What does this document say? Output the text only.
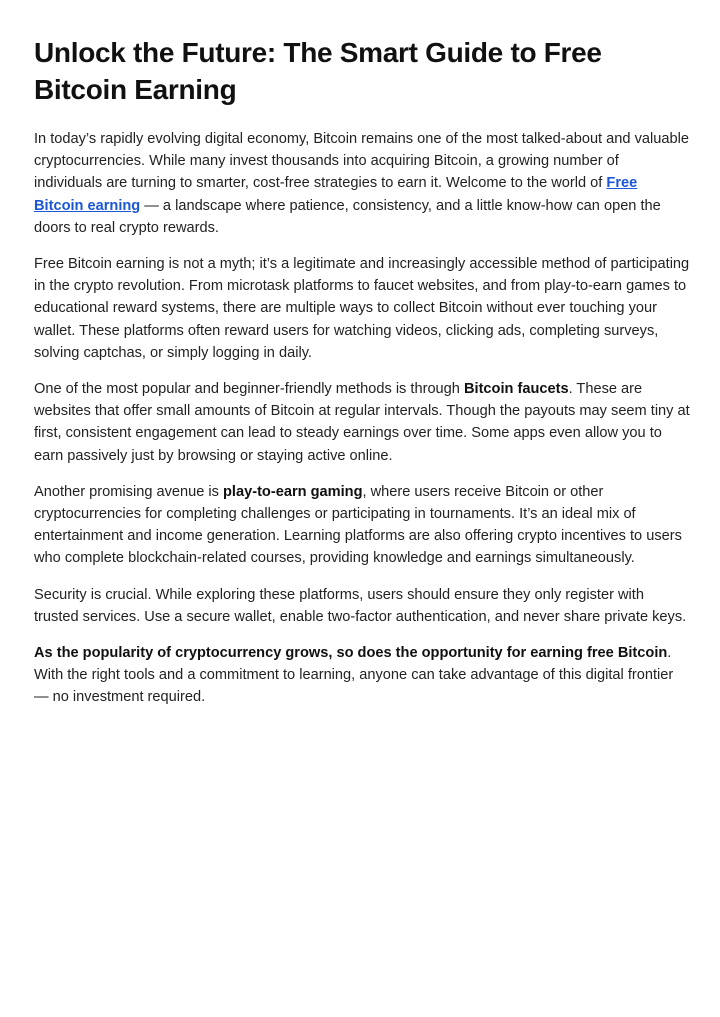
Unlock the Future: The Smart Guide to Free Bitcoin Earning

In today’s rapidly evolving digital economy, Bitcoin remains one of the most talked-about and valuable cryptocurrencies. While many invest thousands into acquiring Bitcoin, a growing number of individuals are turning to smarter, cost-free strategies to earn it. Welcome to the world of Free Bitcoin earning — a landscape where patience, consistency, and a little know-how can open the doors to real crypto rewards.

Free Bitcoin earning is not a myth; it’s a legitimate and increasingly accessible method of participating in the crypto revolution. From microtask platforms to faucet websites, and from play-to-earn games to educational reward systems, there are multiple ways to collect Bitcoin without ever touching your wallet. These platforms often reward users for watching videos, clicking ads, completing surveys, solving captchas, or simply logging in daily.

One of the most popular and beginner-friendly methods is through Bitcoin faucets. These are websites that offer small amounts of Bitcoin at regular intervals. Though the payouts may seem tiny at first, consistent engagement can lead to steady earnings over time. Some apps even allow you to earn passively just by browsing or staying active online.

Another promising avenue is play-to-earn gaming, where users receive Bitcoin or other cryptocurrencies for completing challenges or participating in tournaments. It’s an ideal mix of entertainment and income generation. Learning platforms are also offering crypto incentives to users who complete blockchain-related courses, providing knowledge and earnings simultaneously.

Security is crucial. While exploring these platforms, users should ensure they only register with trusted services. Use a secure wallet, enable two-factor authentication, and never share private keys.

As the popularity of cryptocurrency grows, so does the opportunity for earning free Bitcoin. With the right tools and a commitment to learning, anyone can take advantage of this digital frontier — no investment required.
